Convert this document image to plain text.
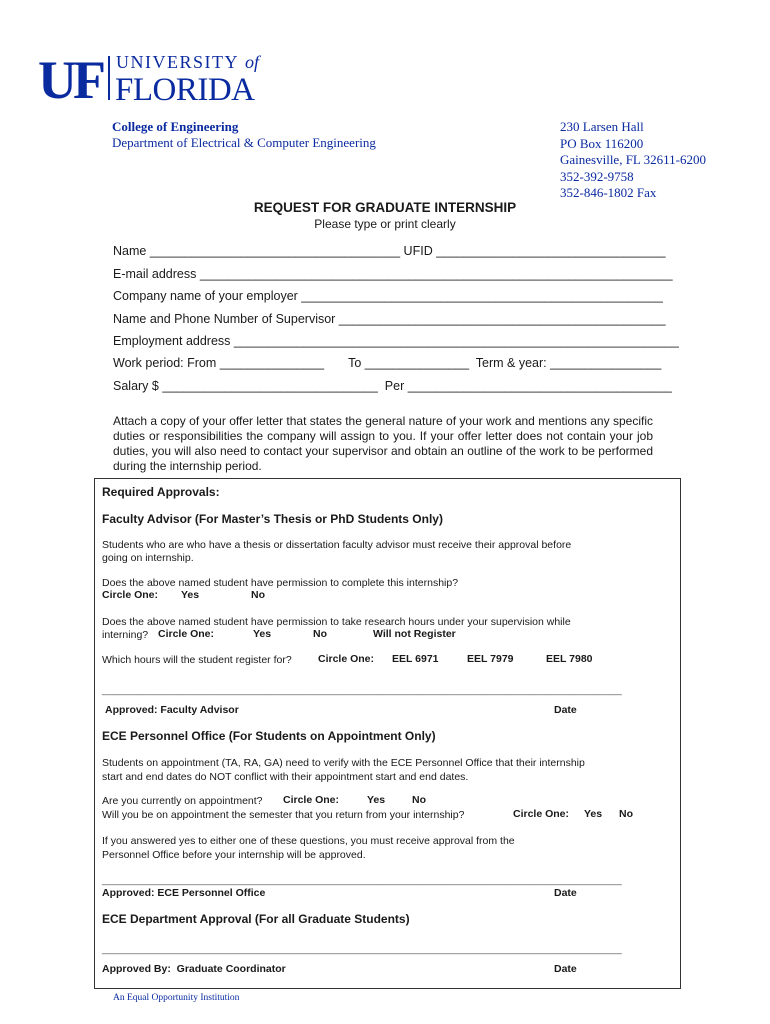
UF UNIVERSITY of
FLORIDA
College of Engineering
Department of Electrical & Computer Engineering
230 Larsen Hall
PO Box 116200
Gainesville, FL 32611-6200
352-392-9758
352-846-1802 Fax
REQUEST FOR GRADUATE INTERNSHIP
Please type or print clearly
Name ____________________________________ UFID _________________________________
E-mail address ____________________________________________________________________
Company name of your employer ____________________________________________________
Name and Phone Number of Supervisor _______________________________________________
Employment address ________________________________________________________________
Work period: From _______________       To _______________  Term & year: ________________
Salary $ _______________________________  Per ______________________________________
Attach a copy of your offer letter that states the general nature of your work and mentions any specific duties or responsibilities the company will assign to you. If your offer letter does not contain your job duties, you will also need to contact your supervisor and obtain an outline of the work to be performed during the internship period.
Required Approvals:
Faculty Advisor (For Master’s Thesis or PhD Students Only)
Students who are who have a thesis or dissertation faculty advisor must receive their approval before
going on internship.
Does the above named student have permission to complete this internship?
Circle One: Yes	No
Does the above named student have permission to take research hours under your supervision while
interning? Circle One:	Yes	No	Will not Register
Which hours will the student register for?	Circle One: EEL 6971	EEL 7979	EEL 7980
_________________________________________________________________________________________
Approved: Faculty Advisor	Date
ECE Personnel Office (For Students on Appointment Only)
Students on appointment (TA, RA, GA) need to verify with the ECE Personnel Office that their internship
start and end dates do NOT conflict with their appointment start and end dates.
Are you currently on appointment? Circle One:	Yes	No
Will you be on appointment the semester that you return from your internship?	Circle One: Yes No
If you answered yes to either one of these questions, you must receive approval from the
Personnel Office before your internship will be approved.
_________________________________________________________________________________________
Approved: ECE Personnel Office	Date
ECE Department Approval (For all Graduate Students)
_________________________________________________________________________________________
Approved By:  Graduate Coordinator	Date
An Equal Opportunity Institution
